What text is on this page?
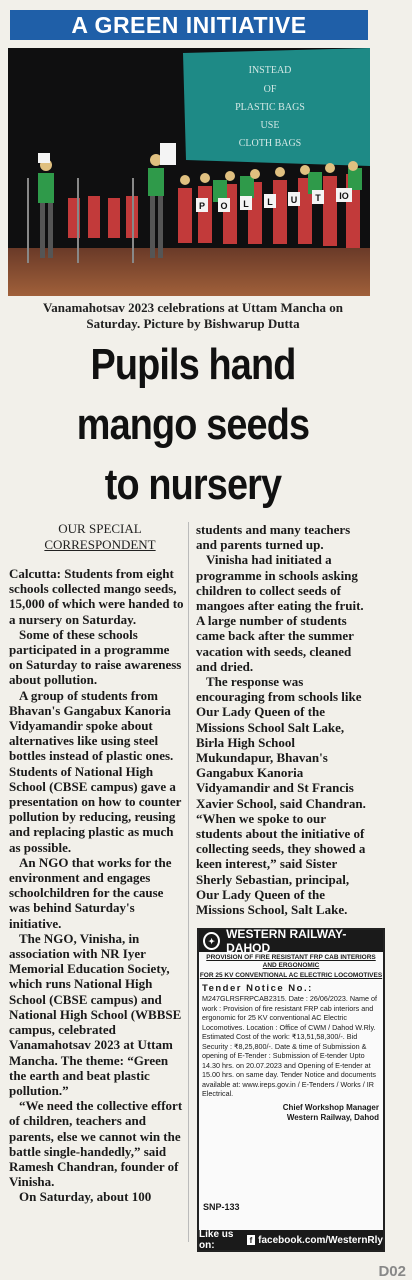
A GREEN INITIATIVE
INSTEAD
OF
PLASTIC BAGS
USE
CLOTH BAGS
P O L L U T IO
Vanamahotsav 2023 celebrations at Uttam Mancha on Saturday. Picture by Bishwarup Dutta
Pupils hand
mango seeds
to nursery
OUR SPECIAL
CORRESPONDENT

Calcutta: Students from eight schools collected mango seeds, 15,000 of which were handed to a nursery on Saturday.

Some of these schools participated in a programme on Saturday to raise awareness about pollution.

A group of students from Bhavan's Gangabux Kanoria Vidyamandir spoke about alternatives like using steel bottles instead of plastic ones. Students of National High School (CBSE campus) gave a presentation on how to counter pollution by reducing, reusing and replacing plastic as much as possible.

An NGO that works for the environment and engages schoolchildren for the cause was behind Saturday's initiative.

The NGO, Vinisha, in association with NR Iyer Memorial Education Society, which runs National High School (CBSE campus) and National High School (WBBSE campus, celebrated Vanamahotsav 2023 at Uttam Mancha. The theme: “Green the earth and beat plastic pollution.”

“We need the collective effort of children, teachers and parents, else we cannot win the battle single-handedly,” said Ramesh Chandran, founder of Vinisha.

On Saturday, about 100

students and many teachers and parents turned up.

Vinisha had initiated a programme in schools asking children to collect seeds of mangoes after eating the fruit. A large number of students came back after the summer vacation with seeds, cleaned and dried.

The response was encouraging from schools like Our Lady Queen of the Missions School Salt Lake, Birla High School Mukundapur, Bhavan's Gangabux Kanoria Vidyamandir and St Francis Xavier School, said Chandran. “When we spoke to our students about the initiative of collecting seeds, they showed a keen interest,” said Sister Sherly Sebastian, principal, Our Lady Queen of the Missions School, Salt Lake.

✦ WESTERN RAILWAY- DAHOD
PROVISION OF FIRE RESISTANT FRP CAB INTERIORS AND ERGONOMIC
FOR 25 KV CONVENTIONAL AC ELECTRIC LOCOMOTIVES
Tender Notice No.:
M247GLRSFRPCAB2315. Date : 26/06/2023. Name of work : Provision of fire resistant FRP cab interiors and ergonomic for 25 KV conventional AC Electric Locomotives. Location : Office of CWM / Dahod W.Rly. Estimated Cost of the work: ₹13,51,58,300/-. Bid Security : ₹8,25,800/-. Date & time of Submission & opening of E-Tender : Submission of E-tender Upto 14.30 hrs. on 20.07.2023 and Opening of E-tender at 15.00 hrs. on same day. Tender Notice and documents available at: www.ireps.gov.in / E-Tenders / Works / IR Electrical.
Chief Workshop Manager
Western Railway, Dahod
SNP-133
Like us on:	f facebook.com/WesternRly
D02
